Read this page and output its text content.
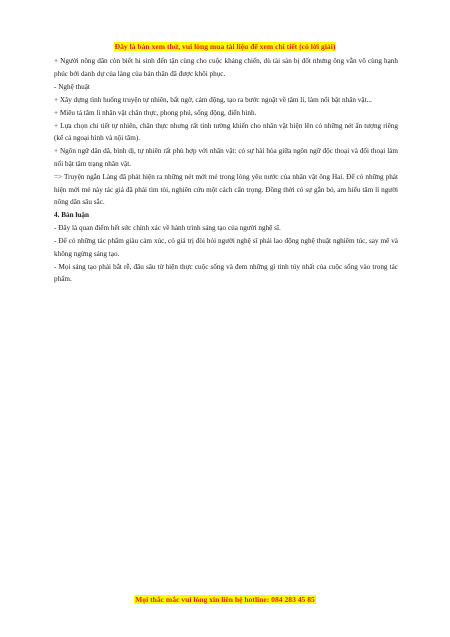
Đây là bản xem thử, vui lòng mua tài liệu để xem chi tiết (có lời giải)

+ Người nông dân còn biết hi sinh đến tận cùng cho cuộc kháng chiến, dù tài sản bị đốt nhưng ông vẫn vô cùng hạnh phúc bởi danh dự của làng của bản thân đã được khôi phục.

- Nghệ thuật

+ Xây dựng tình huống truyện tự nhiên, bất ngờ, cảm động, tạo ra bước ngoặt về tâm lí, làm nổi bật nhân vật...

+ Miêu tả tâm lí nhân vật chân thực, phong phú, sống động, điển hình.

+ Lựa chọn chi tiết tự nhiên, chân thực nhưng rất tinh tường khiến cho nhân vật hiện lên có những nét ấn tượng riêng (kể cả ngoại hình và nội tâm).

+ Ngôn ngữ dân dã, bình dị, tự nhiên rất phù hợp với nhân vật: có sự hài hòa giữa ngôn ngữ độc thoại và đối thoại làm nổi bật tâm trạng nhân vật.

=> Truyện ngắn Làng đã phát hiện ra những nét mới mẻ trong lòng yêu nước của nhân vật ông Hai. Để có những phát hiện mới mẻ này tác giả đã phải tìm tòi, nghiên cứu một cách cẩn trọng. Đồng thời có sự gắn bó, am hiểu tâm lí người nông dân sâu sắc.

4. Bàn luận

- Đây là quan điểm hết sức chính xác về hành trình sáng tạo của người nghệ sĩ.

- Để có những tác phẩm giàu cảm xúc, có giá trị đòi hỏi người nghệ sĩ phải lao động nghệ thuật nghiêm túc, say mê và không ngừng sáng tạo.

- Mọi sáng tạo phải bắt rễ, đâu sâu từ hiện thực cuộc sống và đem những gì tinh túy nhất của cuộc sống vào trong tác phẩm.

Mọi thắc mắc vui lòng xin liên hệ hotline: 084 283 45 85
